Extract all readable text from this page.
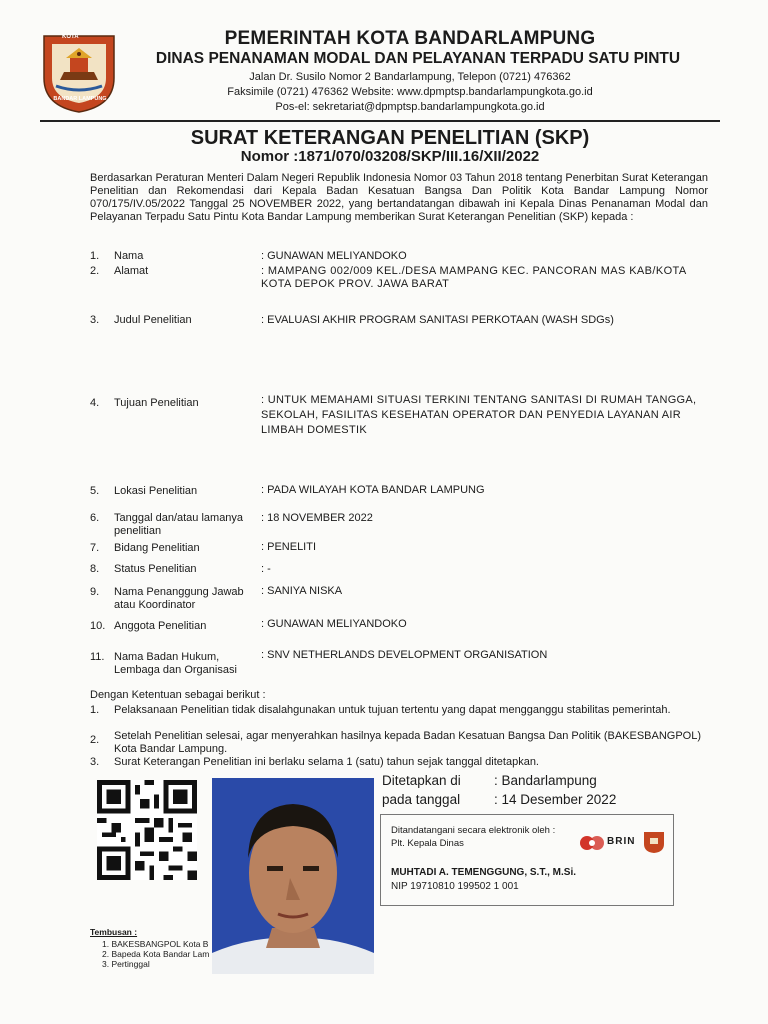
KOTA
BANDAR LAMPUNG
PEMERINTAH KOTA BANDARLAMPUNG
DINAS PENANAMAN MODAL DAN PELAYANAN TERPADU SATU PINTU
Jalan Dr. Susilo Nomor 2 Bandarlampung, Telepon (0721) 476362
Faksimile (0721) 476362 Website: www.dpmptsp.bandarlampungkota.go.id
Pos-el: sekretariat@dpmptsp.bandarlampungkota.go.id
SURAT KETERANGAN PENELITIAN (SKP)
Nomor :1871/070/03208/SKP/III.16/XII/2022
Berdasarkan Peraturan Menteri Dalam Negeri Republik Indonesia Nomor 03 Tahun 2018 tentang Penerbitan Surat Keterangan Penelitian dan Rekomendasi dari Kepala Badan Kesatuan Bangsa Dan Politik Kota Bandar Lampung Nomor 070/175/IV.05/2022 Tanggal 25 NOVEMBER 2022, yang bertandatangan dibawah ini Kepala Dinas Penanaman Modal dan Pelayanan Terpadu Satu Pintu Kota Bandar Lampung memberikan Surat Keterangan Penelitian (SKP) kepada :
1. Nama	: GUNAWAN MELIYANDOKO
2. Alamat	: MAMPANG 002/009 KEL./DESA MAMPANG KEC. PANCORAN MAS KAB/KOTA KOTA DEPOK PROV. JAWA BARAT
3. Judul Penelitian	: EVALUASI AKHIR PROGRAM SANITASI PERKOTAAN (WASH SDGs)
4. Tujuan Penelitian	: UNTUK MEMAHAMI SITUASI TERKINI TENTANG SANITASI DI RUMAH TANGGA, SEKOLAH, FASILITAS KESEHATAN OPERATOR DAN PENYEDIA LAYANAN AIR LIMBAH DOMESTIK
5. Lokasi Penelitian	: PADA WILAYAH KOTA BANDAR LAMPUNG
6. Tanggal dan/atau lamanya penelitian
: 18 NOVEMBER 2022
7. Bidang Penelitian	: PENELITI
8. Status Penelitian	: -
9. Nama Penanggung Jawab atau Koordinator
: SANIYA NISKA
10. Anggota Penelitian	: GUNAWAN MELIYANDOKO
11. Nama Badan Hukum, Lembaga dan Organisasi
: SNV NETHERLANDS DEVELOPMENT ORGANISATION
Dengan Ketentuan sebagai berikut :
1. Pelaksanaan Penelitian tidak disalahgunakan untuk tujuan tertentu yang dapat mengganggu stabilitas pemerintah.
2. Setelah Penelitian selesai, agar menyerahkan hasilnya kepada Badan Kesatuan Bangsa Dan Politik (BAKESBANGPOL) Kota Bandar Lampung.
3. Surat Keterangan Penelitian ini berlaku selama 1 (satu) tahun sejak tanggal ditetapkan.
Ditetapkan di : Bandarlampung
pada tanggal	: 14 Desember 2022
Ditandatangani secara elektronik oleh :
Plt. Kepala Dinas	BRIN
MUHTADI A. TEMENGGUNG, S.T., M.Si.
NIP 19710810 199502 1 001
Tembusan :
1. BAKESBANGPOL Kota B
2. Bapeda Kota Bandar Lam
3. Pertinggal
